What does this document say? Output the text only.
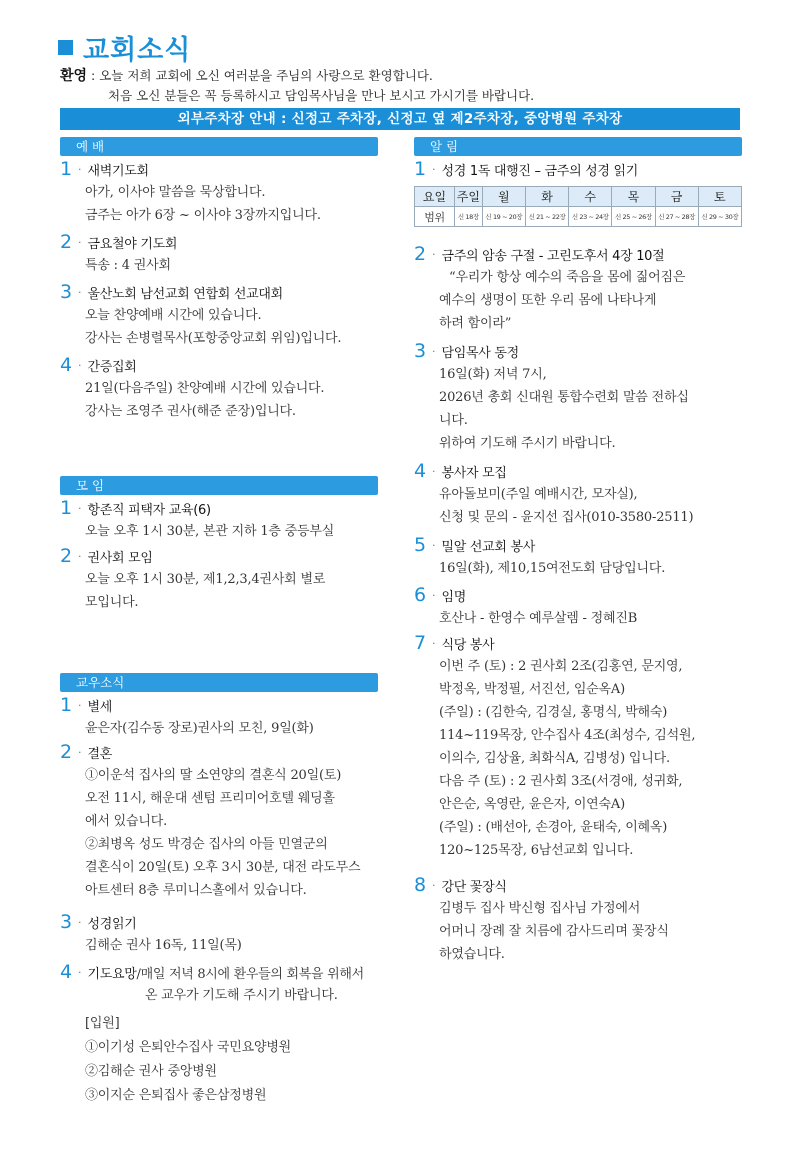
교회소식
환영 : 오늘 저희 교회에 오신 여러분을 주님의 사랑으로 환영합니다.
처음 오신 분들은 꼭 등록하시고 담임목사님을 만나 보시고 가시기를 바랍니다.
외부주차장 안내 : 신정고 주차장, 신정고 옆 제2주차장, 중앙병원 주차장
예 배
1 · 새벽기도회
아가, 이사야 말씀을 묵상합니다.
금주는 아가 6장 ~ 이사야 3장까지입니다.
2 · 금요철야 기도회
특송 : 4 권사회
3 · 울산노회 남선교회 연합회 선교대회
오늘 찬양예배 시간에 있습니다.
강사는 손병렬목사(포항중앙교회 위임)입니다.
4 · 간증집회
21일(다음주일) 찬양예배 시간에 있습니다.
강사는 조영주 권사(해준 준장)입니다.
모 임
1 · 항존직 피택자 교육(6)
오늘 오후 1시 30분, 본관 지하 1층 중등부실
2 · 권사회 모임
오늘 오후 1시 30분, 제1,2,3,4권사회 별로
모입니다.
교우소식
1 · 별세
윤은자(김수동 장로)권사의 모친, 9일(화)
2 · 결혼
①이운석 집사의 딸 소연양의 결혼식 20일(토)
오전 11시, 해운대 센텀 프리미어호텔 웨딩홀
에서 있습니다.
②최병옥 성도 박경순 집사의 아들 민열군의
결혼식이 20일(토) 오후 3시 30분, 대전 라도무스
아트센터 8층 루미니스홀에서 있습니다.
3 · 성경읽기
김해순 권사 16독, 11일(목)
4 · 기도요망 /매일 저녁 8시에 환우들의 회복을 위해서
온 교우가 기도해 주시기 바랍니다.
[입원]
①이기성 은퇴안수집사 국민요양병원
②김해순 권사 중앙병원
③이지순 은퇴집사 좋은삼정병원
알 림
1 · 성경 1독 대행진 – 금주의 성경 읽기
요일	주일	월	화	수	목	금	토
범위	신 18장	신 19 ~ 20장	신 21 ~ 22장	신 23 ~ 24장	신 25 ~ 26장	신 27 ~ 28장	신 29 ~ 30장
2 · 금주의 암송 구절 - 고린도후서 4장 10절
“우리가 항상 예수의 죽음을 몸에 짊어짐은
예수의 생명이 또한 우리 몸에 나타나게
하려 함이라”
3 · 담임목사 동정
16일(화) 저녁 7시,
2026년 총회 신대원 통합수련회 말씀 전하십
니다.
위하여 기도해 주시기 바랍니다.
4 · 봉사자 모집
유아돌보미(주일 예배시간, 모자실),
신청 및 문의 - 윤지선 집사(010-3580-2511)
5 · 밀알 선교회 봉사
16일(화), 제10,15여전도회 담당입니다.
6 · 임명
호산나 - 한영수 예루살렘 - 정혜진B
7 · 식당 봉사
이번 주 (토) : 2 권사회 2조(김홍연, 문지영,
박정옥, 박정필, 서진선, 임순옥A)
(주일) : (김한숙, 김경실, 홍명식, 박해숙)
114~119목장, 안수집사 4조(최성수, 김석원,
이의수, 김상율, 최화식A, 김병성) 입니다.
다음 주 (토) : 2 권사회 3조(서경애, 성귀화,
안은순, 옥영란, 윤은자, 이연숙A)
(주일) : (배선아, 손경아, 윤태숙, 이혜옥)
120~125목장, 6남선교회 입니다.
8 · 강단 꽃장식
김병두 집사 박신형 집사님 가정에서
어머니 장례 잘 치름에 감사드리며 꽃장식
하였습니다.
